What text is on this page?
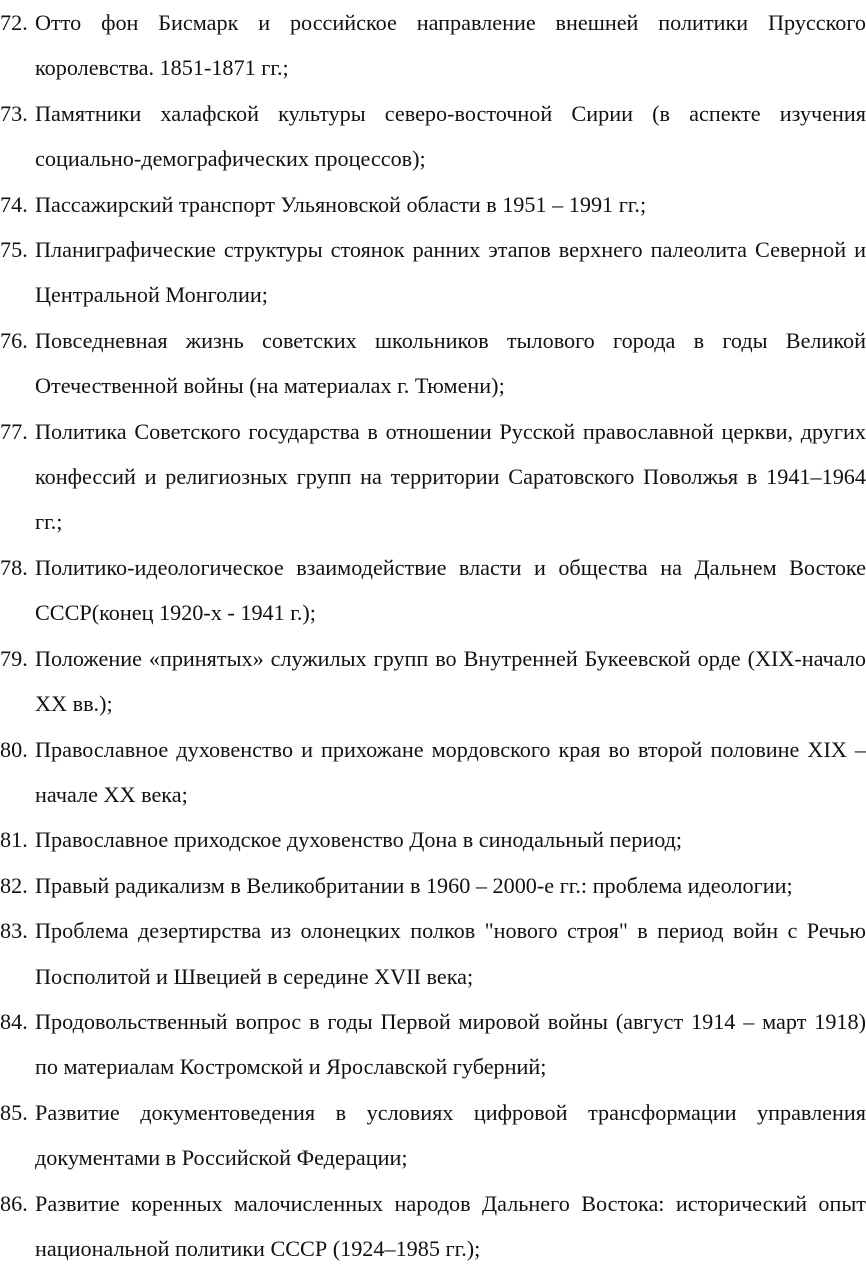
72. Отто фон Бисмарк и российское направление внешней политики Прусского королевства. 1851-1871 гг.;
73. Памятники халафской культуры северо-восточной Сирии (в аспекте изучения социально-демографических процессов);
74. Пассажирский транспорт Ульяновской области в 1951 – 1991 гг.;
75. Планиграфические структуры стоянок ранних этапов верхнего палеолита Северной и Центральной Монголии;
76. Повседневная жизнь советских школьников тылового города в годы Великой Отечественной войны (на материалах г. Тюмени);
77. Политика Советского государства в отношении Русской православной церкви, других конфессий и религиозных групп на территории Саратовского Поволжья в 1941–1964 гг.;
78. Политико-идеологическое взаимодействие власти и общества на Дальнем Востоке СССР(конец 1920-х - 1941 г.);
79. Положение «принятых» служилых групп во Внутренней Букеевской орде (XIX-начало XX вв.);
80. Православное духовенство и прихожане мордовского края во второй половине XIX – начале XX века;
81. Православное приходское духовенство Дона в синодальный период;
82. Правый радикализм в Великобритании в 1960 – 2000-е гг.: проблема идеологии;
83. Проблема дезертирства из олонецких полков "нового строя" в период войн с Речью Посполитой и Швецией в середине XVII века;
84. Продовольственный вопрос в годы Первой мировой войны (август 1914 – март 1918) по материалам Костромской и Ярославской губерний;
85. Развитие документоведения в условиях цифровой трансформации управления документами в Российской Федерации;
86. Развитие коренных малочисленных народов Дальнего Востока: исторический опыт национальной политики СССР (1924–1985 гг.);
